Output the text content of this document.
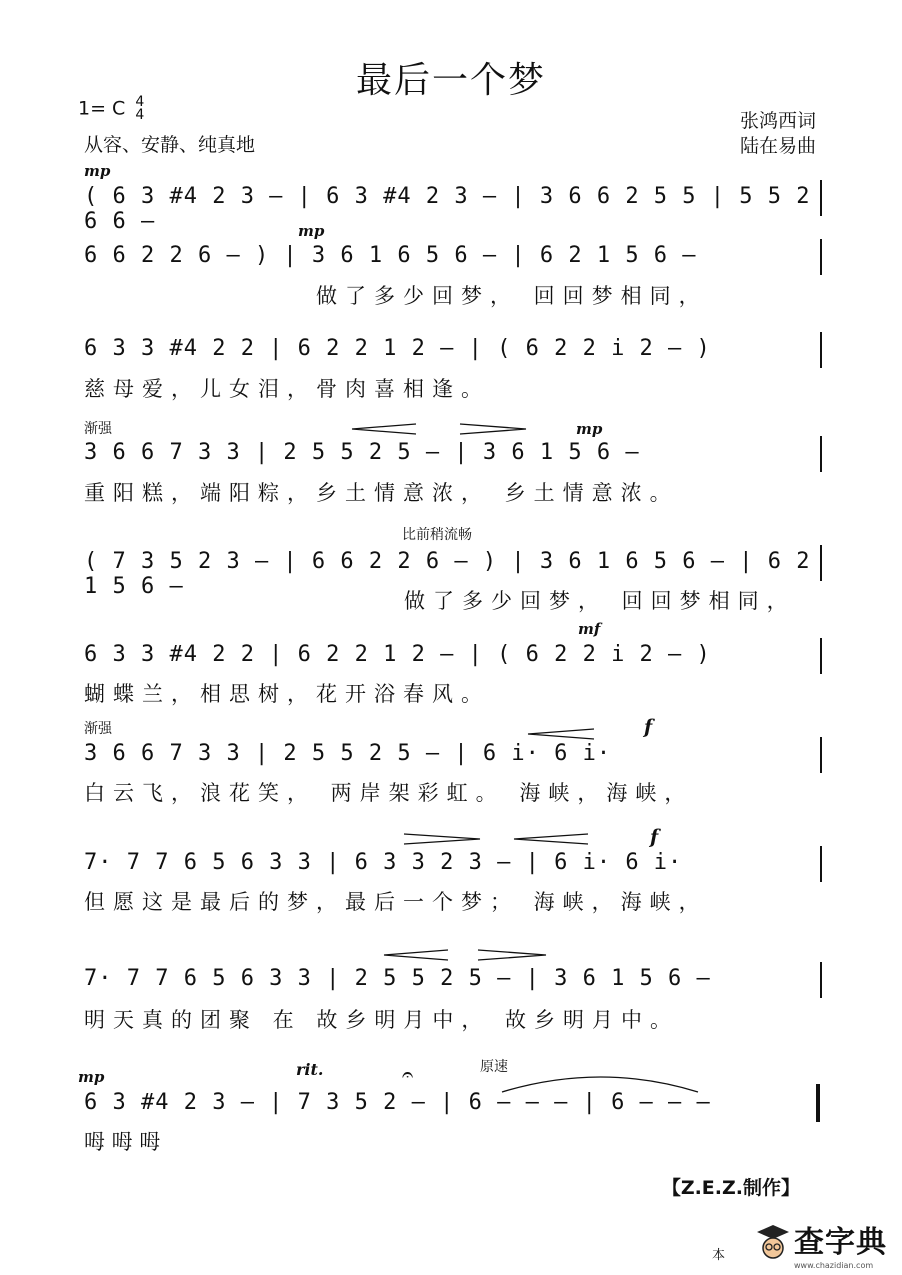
最后一个梦
1= C 4
4
从容、安静、纯真地
张鸿西词
陆在易曲
mp
( 6 3 #4 2 3 – | 6 3 #4 2 3 – | 3 6 6 2 5 5 | 5 5 2 6 6 –	mp
6 6 2 2 6 – ) | 3 6 1 6 5 6 – | 6 2 1 5 6 –
做了多少回梦， 回回梦相同，
6 3 3 #4 2 2 | 6 2 2 1 2 – | ( 6 2 2 i 2 – )
慈母爱，儿女泪，骨肉喜相逢。
渐强	mp
3 6 6 7 3 3 | 2 5 5 2 5 – | 3 6 1 5 6 –
重阳糕，端阳粽，乡土情意浓， 乡土情意浓。
比前稍流畅
( 7 3 5 2 3 – | 6 6 2 2 6 – ) | 3 6 1 6 5 6 – | 6 2 1 5 6 –
做了多少回梦， 回回梦相同，
mf
6 3 3 #4 2 2 | 6 2 2 1 2 – | ( 6 2 2 i 2 – )
蝴蝶兰，相思树，花开浴春风。
渐强	f
3 6 6 7 3 3 | 2 5 5 2 5 – | 6 i· 6 i·
白云飞，浪花笑， 两岸架彩虹。 海峡，海峡，
f
7· 7 7 6 5 6 3 3 | 6 3 3 2 3 – | 6 i· 6 i·
但愿这是最后的梦，最后一个梦； 海峡，海峡，
7· 7 7 6 5 6 3 3 | 2 5 5 2 5 – | 3 6 1 5 6 –
明天真的团聚 在 故乡明月中， 故乡明月中。
mp	rit.	𝄐	原速
6 3 #4 2 3 – | 7 3 5 2 – | 6 – – – | 6 – – –
呣 呣 呣
【Z.E.Z.制作】
本 查字典
www.chazidian.com
